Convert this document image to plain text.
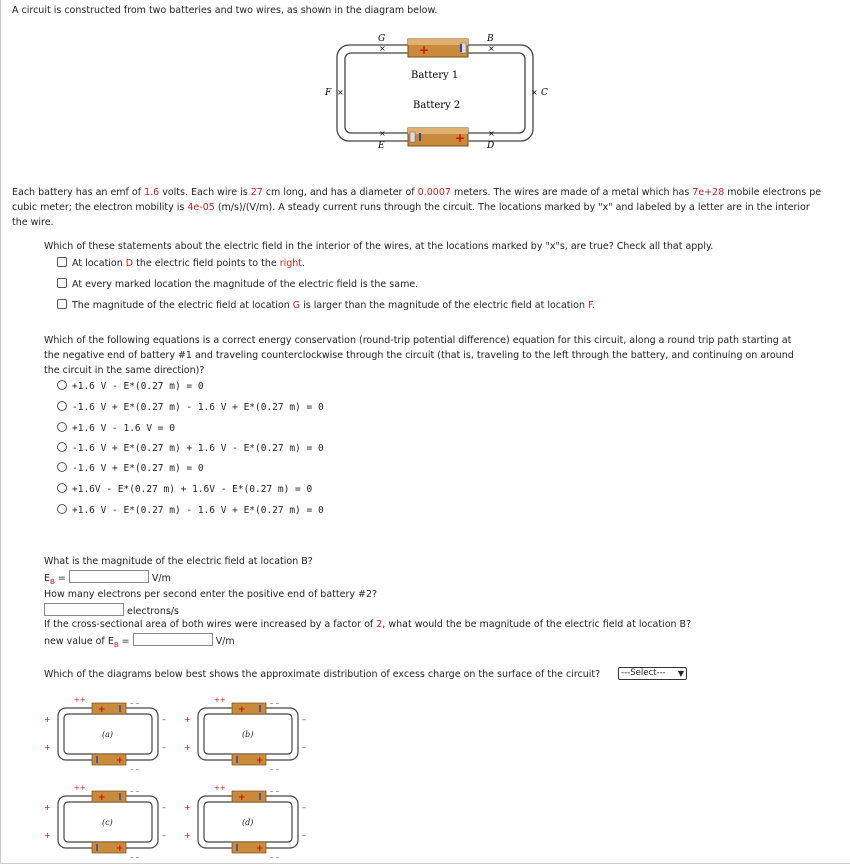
A circuit is constructed from two batteries and two wires, as shown in the diagram below.
+
+
Battery 1
Battery 2
G
×
B
×
F ×	C
×
×
E
×
D
Each battery has an emf of 1.6 volts. Each wire is 27 cm long, and has a diameter of 0.0007 meters. The wires are made of a metal which has 7e+28 mobile electrons pe
cubic meter; the electron mobility is 4e-05 (m/s)/(V/m). A steady current runs through the circuit. The locations marked by "x" and labeled by a letter are in the interior
the wire.
Which of these statements about the electric field in the interior of the wires, at the locations marked by "x"s, are true? Check all that apply.
At location D the electric field points to the right.
At every marked location the magnitude of the electric field is the same.
The magnitude of the electric field at location G is larger than the magnitude of the electric field at location F.
Which of the following equations is a correct energy conservation (round-trip potential difference) equation for this circuit, along a round trip path starting at
the negative end of battery #1 and traveling counterclockwise through the circuit (that is, traveling to the left through the battery, and continuing on around
the circuit in the same direction)?
+1.6 V - E*(0.27 m) = 0
-1.6 V + E*(0.27 m) - 1.6 V + E*(0.27 m) = 0
+1.6 V - 1.6 V = 0
-1.6 V + E*(0.27 m) + 1.6 V - E*(0.27 m) = 0
-1.6 V + E*(0.27 m) = 0
+1.6V - E*(0.27 m) + 1.6V - E*(0.27 m) = 0
+1.6 V - E*(0.27 m) - 1.6 V + E*(0.27 m) = 0
What is the magnitude of the electric field at location B?
$E_B$ =	V/m
How many electrons per second enter the positive end of battery #2?
electrons/s
If the cross-sectional area of both wires were increased by a factor of 2, what would the be magnitude of the electric field at location B?
new value of $E_B$ =	V/m
Which of the diagrams below best shows the approximate distribution of excess charge on the surface of the circuit?	---Select--- ▼
+
+
++	– –
+	–
+	–
– –
(a)
+
+
++	– –
+	–
+	–
– –
(b)
+
+
++	– –
+	–
+	–
– –
(c)
+
+
++	– –
+	–
+	–
– –
(d)
